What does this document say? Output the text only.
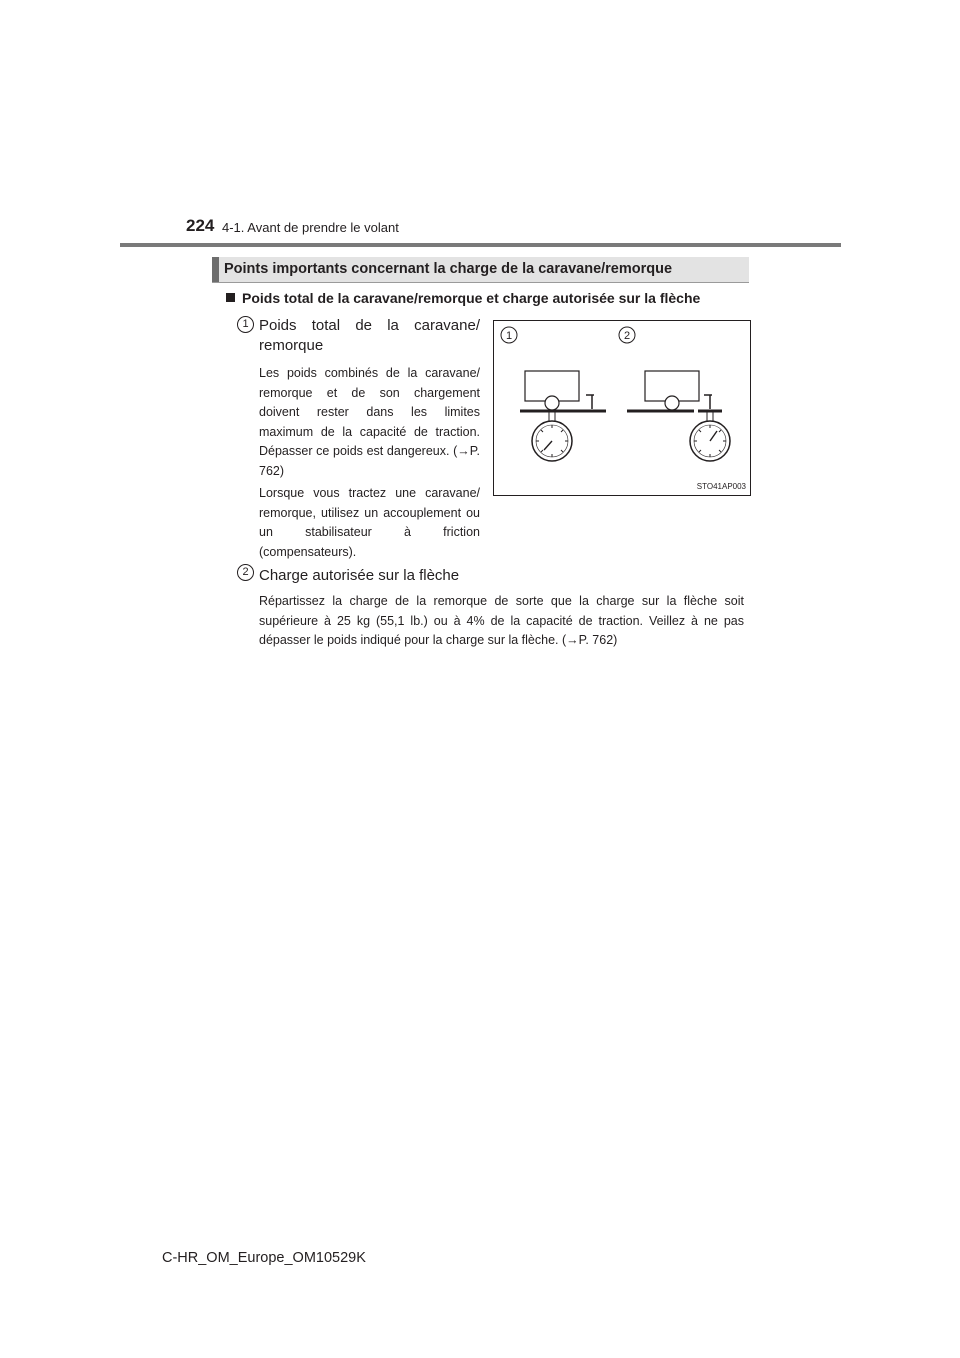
224 4-1. Avant de prendre le volant
Points importants concernant la charge de la caravane/remorque
Poids total de la caravane/remorque et charge autorisée sur la flèche
1 Poids total de la caravane/ remorque
Les poids combinés de la caravane/ remorque et de son chargement doivent rester dans les limites maximum de la capacité de traction. Dépasser ce poids est dangereux. (→P. 762)
Lorsque vous tractez une caravane/ remorque, utilisez un accouplement ou un stabilisateur à friction (compensateurs).
1	2
STO41AP003
2 Charge autorisée sur la flèche
Répartissez la charge de la remorque de sorte que la charge sur la flèche soit supérieure à 25 kg (55,1 lb.) ou à 4% de la capacité de traction. Veillez à ne pas dépasser le poids indiqué pour la charge sur la flèche. (→P. 762)
C-HR_OM_Europe_OM10529K
